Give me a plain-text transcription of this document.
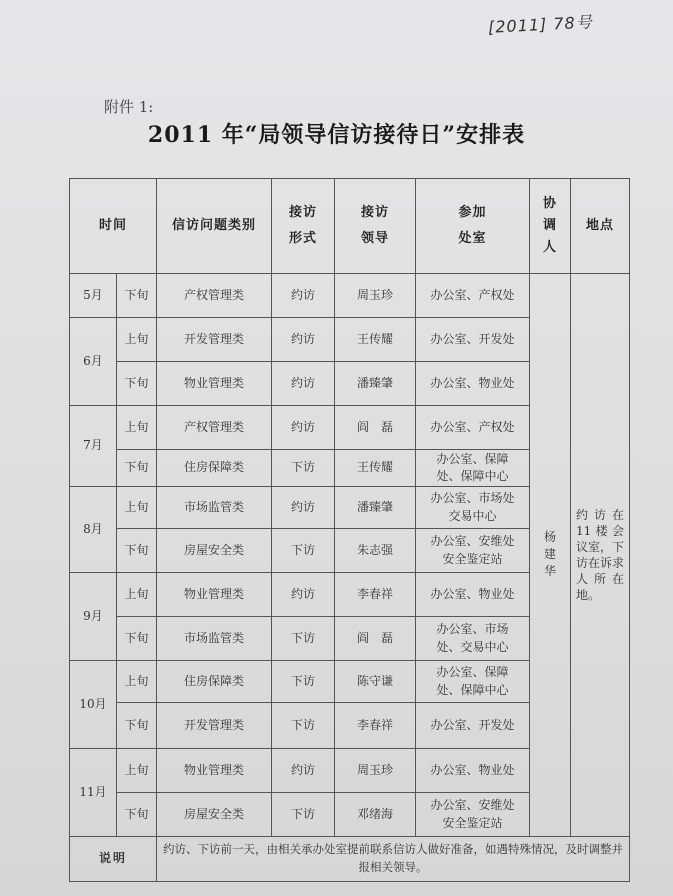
[2011] 78号
附件 1:
2011 年“局领导信访接待日”安排表
时间		信访问题类别	接访形式	接访领导	参加处室	协调人	地点
5月	下旬	产权管理类	约访	周玉珍	办公室、产权处	杨建华	约访在11楼会议室，下访在诉求人所在地。

6月	上旬	开发管理类	约访	王传耀	办公室、开发处		
	下旬	物业管理类	约访	潘臻肇	办公室、物业处		
7月	上旬	产权管理类	约访	阎　磊	办公室、产权处		
	下旬	住房保障类	下访	王传耀	办公室、保障处、保障中心		
8月	上旬	市场监管类	约访	潘臻肇	办公室、市场处交易中心		
	下旬	房屋安全类	下访	朱志强	办公室、安维处安全鉴定站		
9月	上旬	物业管理类	约访	李春祥	办公室、物业处		
	下旬	市场监管类	下访	阎　磊	办公室、市场处、交易中心		
10月	上旬	住房保障类	下访	陈守谦	办公室、保障处、保障中心		
	下旬	开发管理类	下访	李春祥	办公室、开发处		
11月	上旬	物业管理类	约访	周玉珍	办公室、物业处		
	下旬	房屋安全类	下访	邓绪海	办公室、安维处安全鉴定站		
说明		约访、下访前一天，由相关承办处室提前联系信访人做好准备，如遇特殊情况，及时调整并报相关领导。					
